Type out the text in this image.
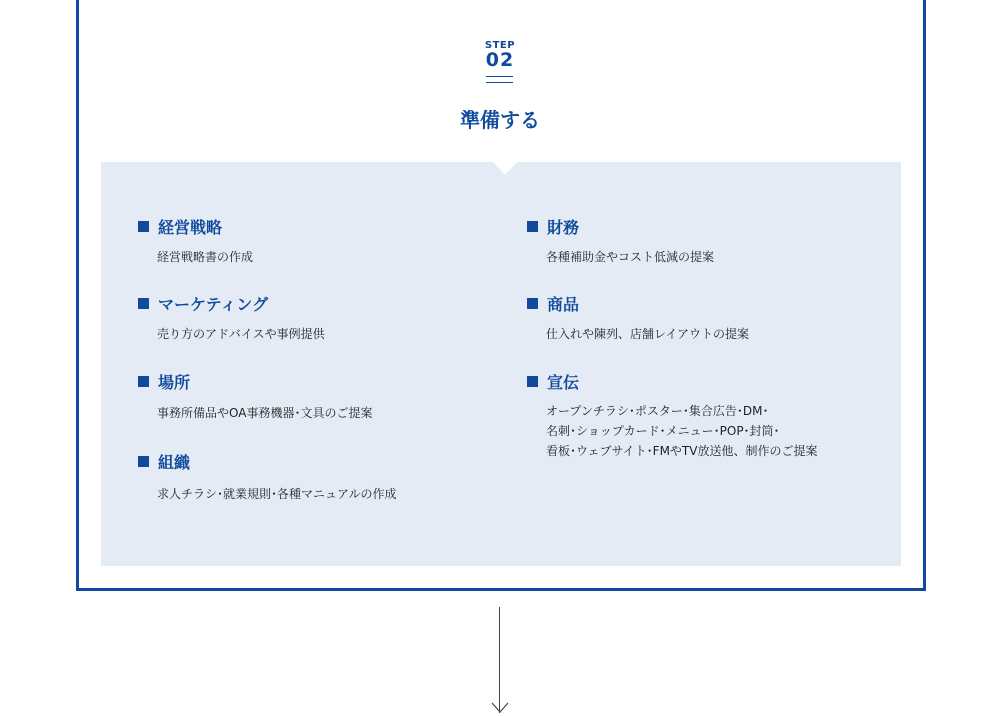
STEP
02
準備する
経営戦略
経営戦略書の作成
マーケティング
売り方のアドバイスや事例提供
場所
事務所備品やOA事務機器･文具のご提案
組織
求人チラシ･就業規則･各種マニュアルの作成
財務
各種補助金やコスト低減の提案
商品
仕入れや陳列、店舗レイアウトの提案
宣伝
オープンチラシ･ポスター･集合広告･DM･
名刺･ショップカード･メニュー･POP･封筒･
看板･ウェブサイト･FMやTV放送他、制作のご提案
